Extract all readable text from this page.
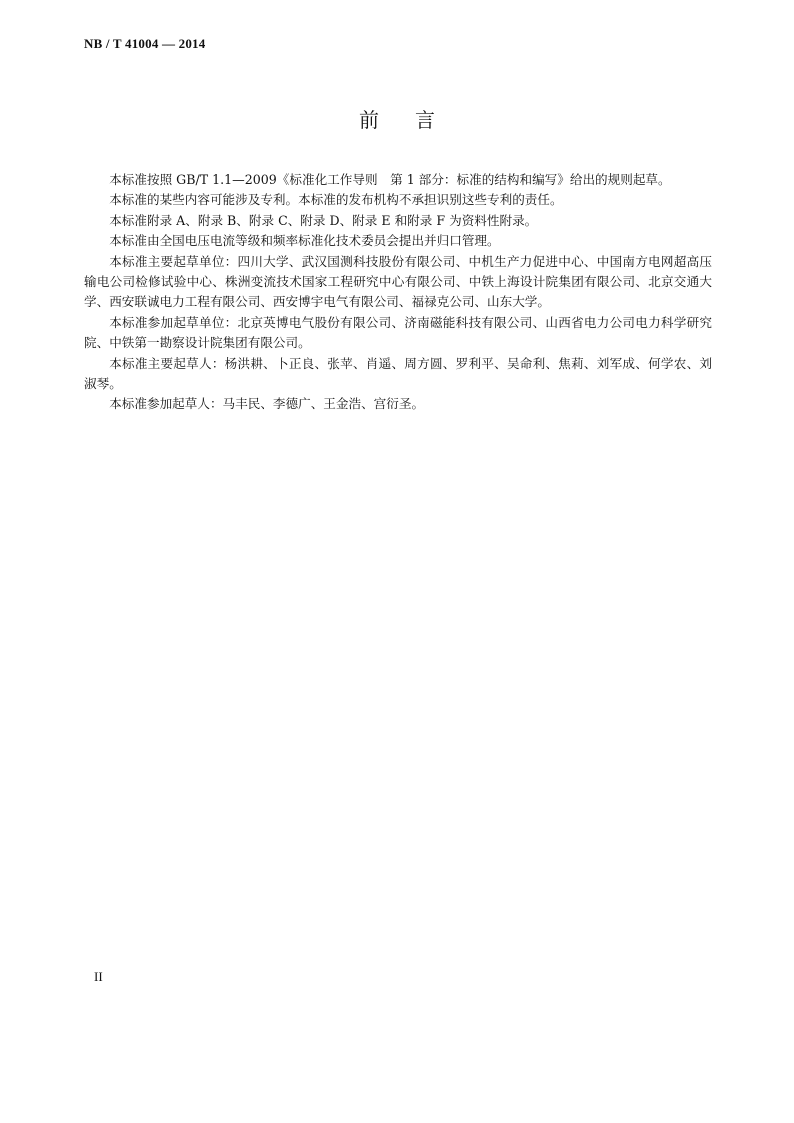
NB / T 41004 — 2014
前言

本标准按照 GB/T 1.1—2009《标准化工作导则　第 1 部分：标准的结构和编写》给出的规则起草。

本标准的某些内容可能涉及专利。本标准的发布机构不承担识别这些专利的责任。

本标准附录 A、附录 B、附录 C、附录 D、附录 E 和附录 F 为资料性附录。

本标准由全国电压电流等级和频率标准化技术委员会提出并归口管理。

本标准主要起草单位：四川大学、武汉国测科技股份有限公司、中机生产力促进中心、中国南方电网超高压输电公司检修试验中心、株洲变流技术国家工程研究中心有限公司、中铁上海设计院集团有限公司、北京交通大学、西安联诚电力工程有限公司、西安博宇电气有限公司、福禄克公司、山东大学。

本标准参加起草单位：北京英博电气股份有限公司、济南磁能科技有限公司、山西省电力公司电力科学研究院、中铁第一勘察设计院集团有限公司。

本标准主要起草人：杨洪耕、卜正良、张苹、肖遥、周方圆、罗利平、吴命利、焦莉、刘军成、何学农、刘淑琴。

本标准参加起草人：马丰民、李德广、王金浩、宫衍圣。

II
